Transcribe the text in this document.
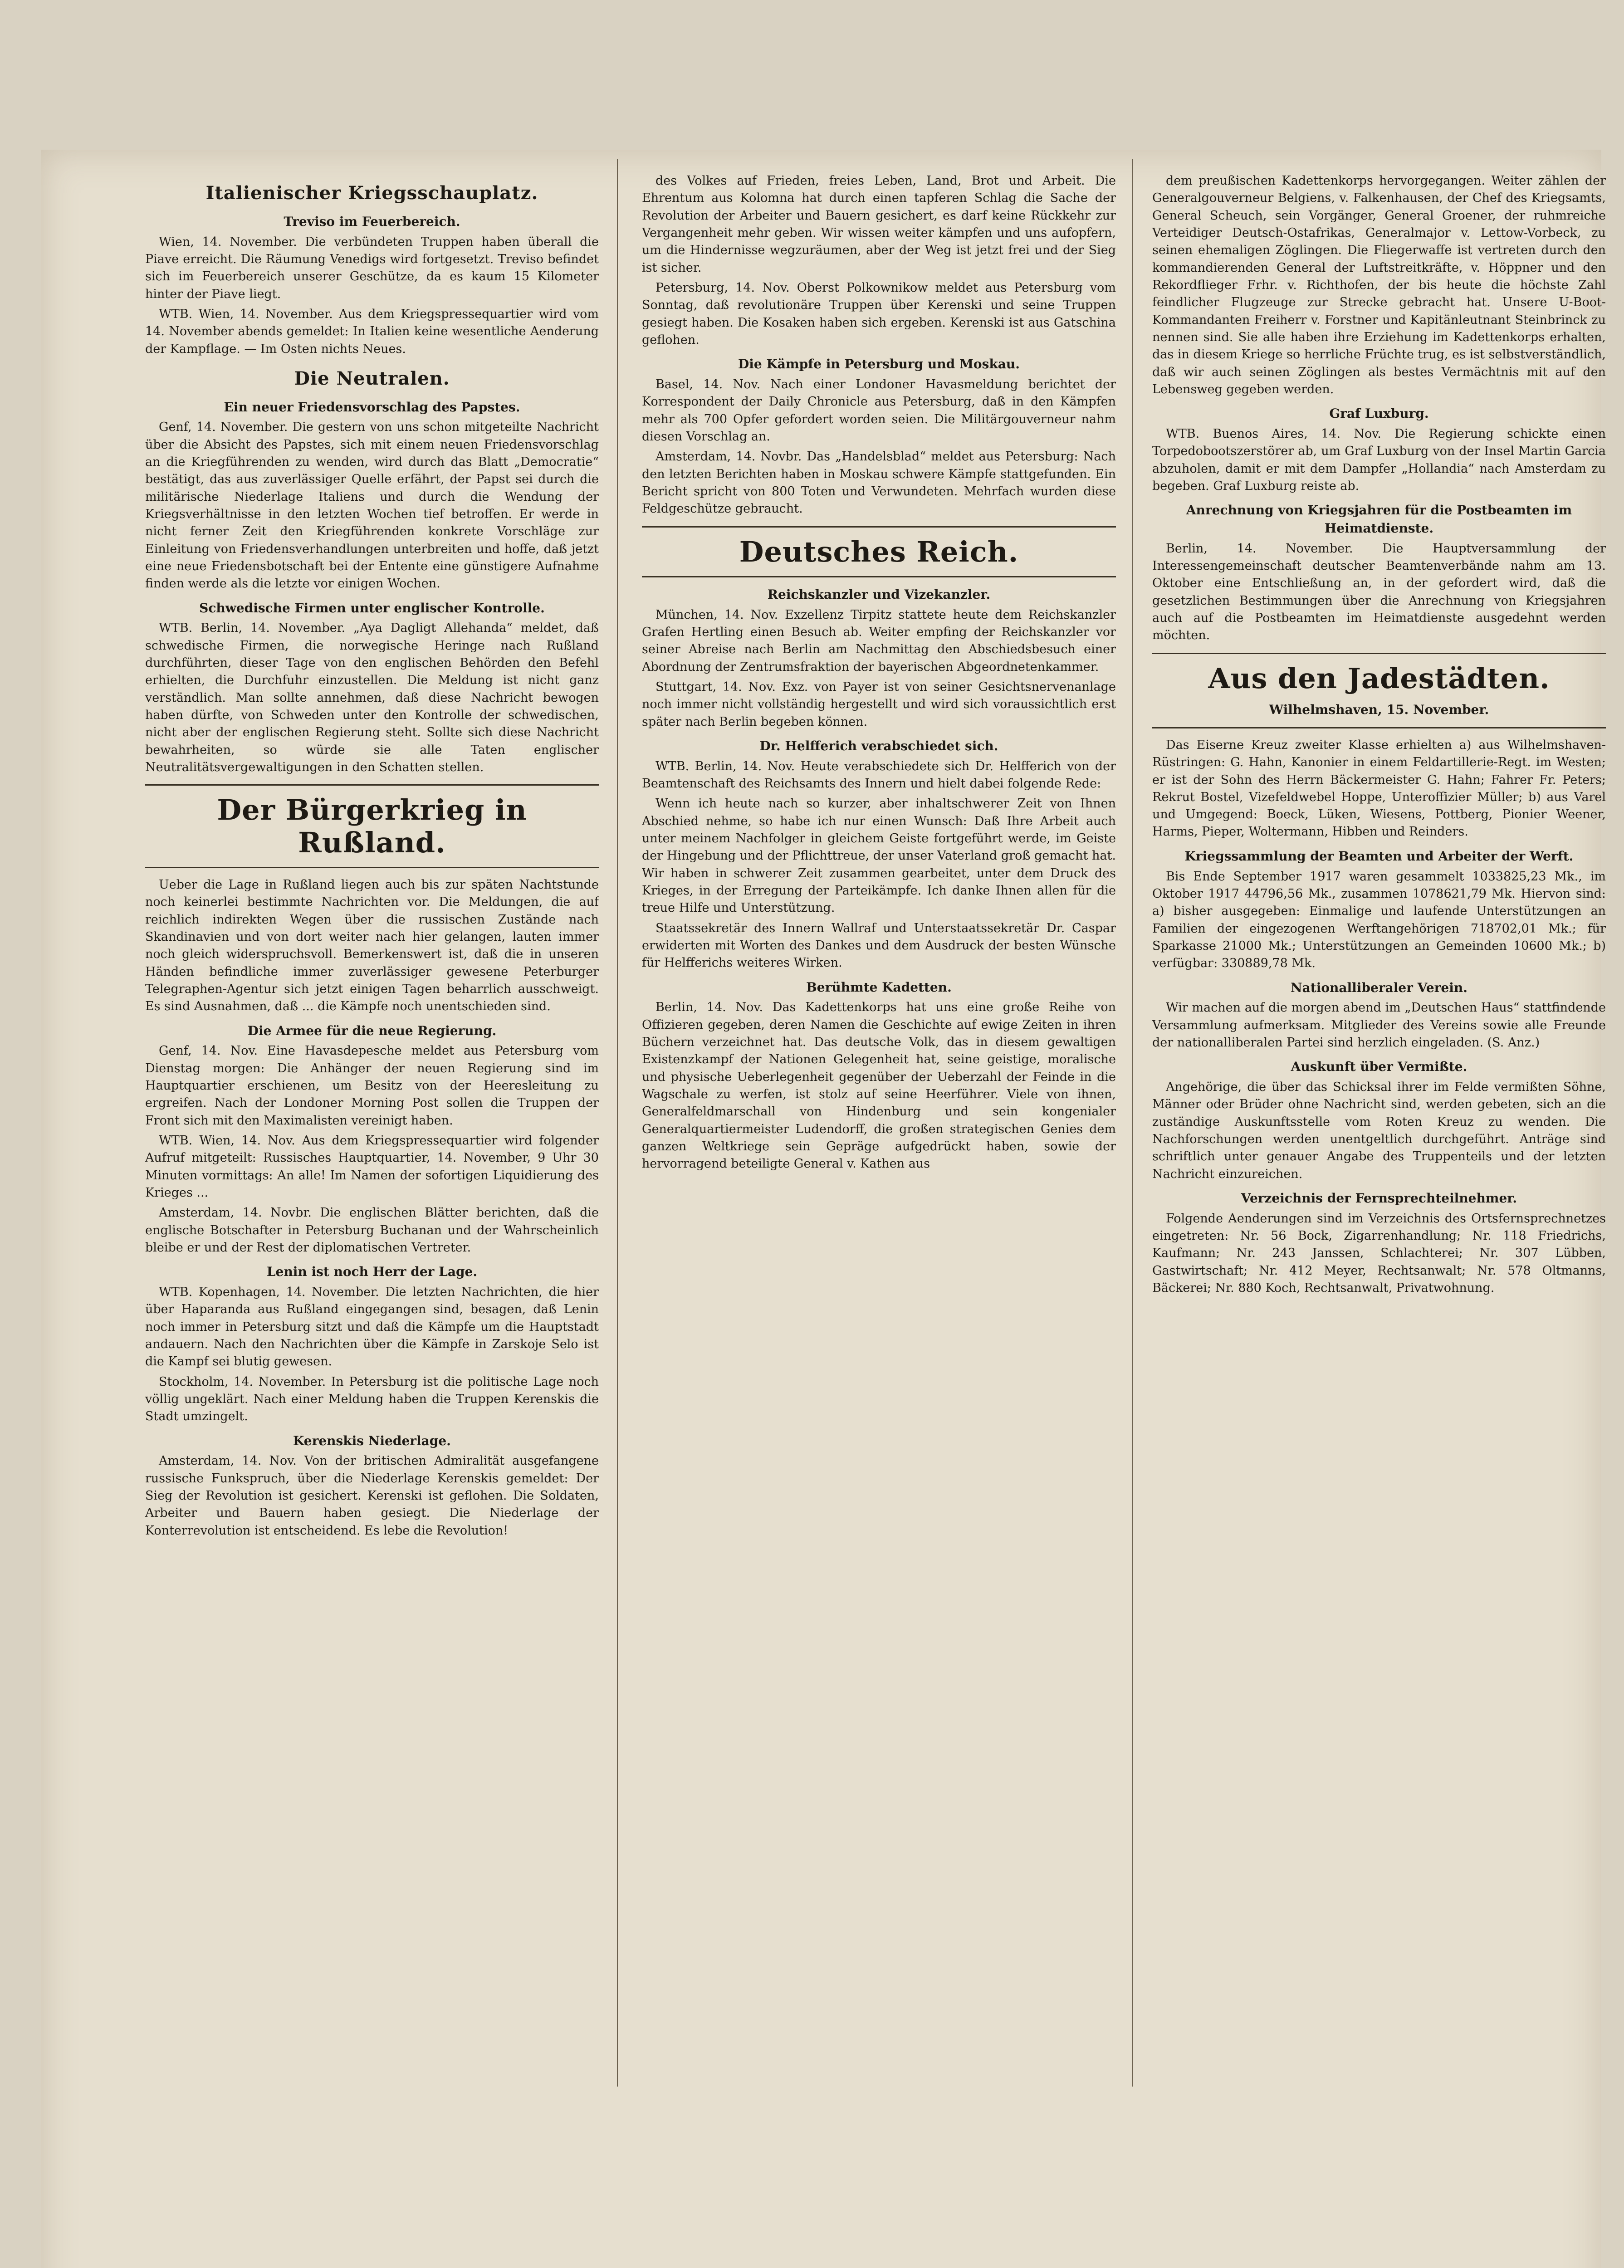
Italienischer Kriegsschauplatz.
Treviso im Feuerbereich.

Wien, 14. November. Die verbündeten Truppen haben überall die Piave erreicht. Die Räumung Venedigs wird fortgesetzt. Treviso befindet sich im Feuerbereich unserer Geschütze, da es kaum 15 Kilometer hinter der Piave liegt.

WTB. Wien, 14. November. Aus dem Kriegspressequartier wird vom 14. November abends gemeldet: In Italien keine wesentliche Aenderung der Kampflage. — Im Osten nichts Neues.

Die Neutralen.
Ein neuer Friedensvorschlag des Papstes.

Genf, 14. November. Die gestern von uns schon mitgeteilte Nachricht über die Absicht des Papstes, sich mit einem neuen Friedensvorschlag an die Kriegführenden zu wenden, wird durch das Blatt „Democratie“ bestätigt, das aus zuverlässiger Quelle erfährt, der Papst sei durch die militärische Niederlage Italiens und durch die Wendung der Kriegsverhältnisse in den letzten Wochen tief betroffen. Er werde in nicht ferner Zeit den Kriegführenden konkrete Vorschläge zur Einleitung von Friedensverhandlungen unterbreiten und hoffe, daß jetzt eine neue Friedensbotschaft bei der Entente eine günstigere Aufnahme finden werde als die letzte vor einigen Wochen.

Schwedische Firmen unter englischer Kontrolle.

WTB. Berlin, 14. November. „Aya Dagligt Allehanda“ meldet, daß schwedische Firmen, die norwegische Heringe nach Rußland durchführten, dieser Tage von den englischen Behörden den Befehl erhielten, die Durchfuhr einzustellen. Die Meldung ist nicht ganz verständlich. Man sollte annehmen, daß diese Nachricht bewogen haben dürfte, von Schweden unter den Kontrolle der schwedischen, nicht aber der englischen Regierung steht. Sollte sich diese Nachricht bewahrheiten, so würde sie alle Taten englischer Neutralitätsvergewaltigungen in den Schatten stellen.

Der Bürgerkrieg in Rußland.

Ueber die Lage in Rußland liegen auch bis zur späten Nachtstunde noch keinerlei bestimmte Nachrichten vor. Die Meldungen, die auf reichlich indirekten Wegen über die russischen Zustände nach Skandinavien und von dort weiter nach hier gelangen, lauten immer noch gleich widerspruchsvoll. Bemerkenswert ist, daß die in unseren Händen befindliche immer zuverlässiger gewesene Peterburger Telegraphen-Agentur sich jetzt einigen Tagen beharrlich ausschweigt. Es sind Ausnahmen, daß ... die Kämpfe noch unentschieden sind.

Die Armee für die neue Regierung.

Genf, 14. Nov. Eine Havasdepesche meldet aus Petersburg vom Dienstag morgen: Die Anhänger der neuen Regierung sind im Hauptquartier erschienen, um Besitz von der Heeresleitung zu ergreifen. Nach der Londoner Morning Post sollen die Truppen der Front sich mit den Maximalisten vereinigt haben.

WTB. Wien, 14. Nov. Aus dem Kriegspressequartier wird folgender Aufruf mitgeteilt: Russisches Hauptquartier, 14. November, 9 Uhr 30 Minuten vormittags: An alle! Im Namen der sofortigen Liquidierung des Krieges ...

Amsterdam, 14. Novbr. Die englischen Blätter berichten, daß die englische Botschafter in Petersburg Buchanan und der Wahrscheinlich bleibe er und der Rest der diplomatischen Vertreter.

Lenin ist noch Herr der Lage.

WTB. Kopenhagen, 14. November. Die letzten Nachrichten, die hier über Haparanda aus Rußland eingegangen sind, besagen, daß Lenin noch immer in Petersburg sitzt und daß die Kämpfe um die Hauptstadt andauern. Nach den Nachrichten über die Kämpfe in Zarskoje Selo ist die Kampf sei blutig gewesen.

Stockholm, 14. November. In Petersburg ist die politische Lage noch völlig ungeklärt. Nach einer Meldung haben die Truppen Kerenskis die Stadt umzingelt.

Kerenskis Niederlage.

Amsterdam, 14. Nov. Von der britischen Admiralität ausgefangene russische Funkspruch, über die Niederlage Kerenskis gemeldet: Der Sieg der Revolution ist gesichert. Kerenski ist geflohen. Die Soldaten, Arbeiter und Bauern haben gesiegt. Die Niederlage der Konterrevolution ist entscheidend. Es lebe die Revolution!

des Volkes auf Frieden, freies Leben, Land, Brot und Arbeit. Die Ehrentum aus Kolomna hat durch einen tapferen Schlag die Sache der Revolution der Arbeiter und Bauern gesichert, es darf keine Rückkehr zur Vergangenheit mehr geben. Wir wissen weiter kämpfen und uns aufopfern, um die Hindernisse wegzuräumen, aber der Weg ist jetzt frei und der Sieg ist sicher.

Petersburg, 14. Nov. Oberst Polkownikow meldet aus Petersburg vom Sonntag, daß revolutionäre Truppen über Kerenski und seine Truppen gesiegt haben. Die Kosaken haben sich ergeben. Kerenski ist aus Gatschina geflohen.

Die Kämpfe in Petersburg und Moskau.

Basel, 14. Nov. Nach einer Londoner Havasmeldung berichtet der Korrespondent der Daily Chronicle aus Petersburg, daß in den Kämpfen mehr als 700 Opfer gefordert worden seien. Die Militärgouverneur nahm diesen Vorschlag an.

Amsterdam, 14. Novbr. Das „Handelsblad“ meldet aus Petersburg: Nach den letzten Berichten haben in Moskau schwere Kämpfe stattgefunden. Ein Bericht spricht von 800 Toten und Verwundeten. Mehrfach wurden diese Feldgeschütze gebraucht.

Deutsches Reich.
Reichskanzler und Vizekanzler.

München, 14. Nov. Exzellenz Tirpitz stattete heute dem Reichskanzler Grafen Hertling einen Besuch ab. Weiter empfing der Reichskanzler vor seiner Abreise nach Berlin am Nachmittag den Abschiedsbesuch einer Abordnung der Zentrumsfraktion der bayerischen Abgeordnetenkammer.

Stuttgart, 14. Nov. Exz. von Payer ist von seiner Gesichtsnervenanlage noch immer nicht vollständig hergestellt und wird sich voraussichtlich erst später nach Berlin begeben können.

Dr. Helfferich verabschiedet sich.

WTB. Berlin, 14. Nov. Heute verabschiedete sich Dr. Helfferich von der Beamtenschaft des Reichsamts des Innern und hielt dabei folgende Rede:

Wenn ich heute nach so kurzer, aber inhaltschwerer Zeit von Ihnen Abschied nehme, so habe ich nur einen Wunsch: Daß Ihre Arbeit auch unter meinem Nachfolger in gleichem Geiste fortgeführt werde, im Geiste der Hingebung und der Pflichttreue, der unser Vaterland groß gemacht hat. Wir haben in schwerer Zeit zusammen gearbeitet, unter dem Druck des Krieges, in der Erregung der Parteikämpfe. Ich danke Ihnen allen für die treue Hilfe und Unterstützung.

Staatssekretär des Innern Wallraf und Unterstaatssekretär Dr. Caspar erwiderten mit Worten des Dankes und dem Ausdruck der besten Wünsche für Helfferichs weiteres Wirken.

Berühmte Kadetten.

Berlin, 14. Nov. Das Kadettenkorps hat uns eine große Reihe von Offizieren gegeben, deren Namen die Geschichte auf ewige Zeiten in ihren Büchern verzeichnet hat. Das deutsche Volk, das in diesem gewaltigen Existenzkampf der Nationen Gelegenheit hat, seine geistige, moralische und physische Ueberlegenheit gegenüber der Ueberzahl der Feinde in die Wagschale zu werfen, ist stolz auf seine Heerführer. Viele von ihnen, Generalfeldmarschall von Hindenburg und sein kongenialer Generalquartiermeister Ludendorff, die großen strategischen Genies dem ganzen Weltkriege sein Gepräge aufgedrückt haben, sowie der hervorragend beteiligte General v. Kathen aus

dem preußischen Kadettenkorps hervorgegangen. Weiter zählen der Generalgouverneur Belgiens, v. Falkenhausen, der Chef des Kriegsamts, General Scheuch, sein Vorgänger, General Groener, der ruhmreiche Verteidiger Deutsch-Ostafrikas, Generalmajor v. Lettow-Vorbeck, zu seinen ehemaligen Zöglingen. Die Fliegerwaffe ist vertreten durch den kommandierenden General der Luftstreitkräfte, v. Höppner und den Rekordflieger Frhr. v. Richthofen, der bis heute die höchste Zahl feindlicher Flugzeuge zur Strecke gebracht hat. Unsere U-Boot-Kommandanten Freiherr v. Forstner und Kapitänleutnant Steinbrinck zu nennen sind. Sie alle haben ihre Erziehung im Kadettenkorps erhalten, das in diesem Kriege so herrliche Früchte trug, es ist selbstverständlich, daß wir auch seinen Zöglingen als bestes Vermächtnis mit auf den Lebensweg gegeben werden.

Graf Luxburg.

WTB. Buenos Aires, 14. Nov. Die Regierung schickte einen Torpedobootszerstörer ab, um Graf Luxburg von der Insel Martin Garcia abzuholen, damit er mit dem Dampfer „Hollandia“ nach Amsterdam zu begeben. Graf Luxburg reiste ab.

Anrechnung von Kriegsjahren für die Postbeamten im Heimatdienste.

Berlin, 14. November. Die Hauptversammlung der Interessengemeinschaft deutscher Beamtenverbände nahm am 13. Oktober eine Entschließung an, in der gefordert wird, daß die gesetzlichen Bestimmungen über die Anrechnung von Kriegsjahren auch auf die Postbeamten im Heimatdienste ausgedehnt werden möchten.

Aus den Jadestädten.
Wilhelmshaven, 15. November.

Das Eiserne Kreuz zweiter Klasse erhielten a) aus Wilhelmshaven-Rüstringen: G. Hahn, Kanonier in einem Feldartillerie-Regt. im Westen; er ist der Sohn des Herrn Bäckermeister G. Hahn; Fahrer Fr. Peters; Rekrut Bostel, Vizefeldwebel Hoppe, Unteroffizier Müller; b) aus Varel und Umgegend: Boeck, Lüken, Wiesens, Pottberg, Pionier Weener, Harms, Pieper, Woltermann, Hibben und Reinders.

Kriegssammlung der Beamten und Arbeiter der Werft.

Bis Ende September 1917 waren gesammelt 1033825,23 Mk., im Oktober 1917 44796,56 Mk., zusammen 1078621,79 Mk. Hiervon sind: a) bisher ausgegeben: Einmalige und laufende Unterstützungen an Familien der eingezogenen Werftangehörigen 718702,01 Mk.; für Sparkasse 21000 Mk.; Unterstützungen an Gemeinden 10600 Mk.; b) verfügbar: 330889,78 Mk.

Nationalliberaler Verein.

Wir machen auf die morgen abend im „Deutschen Haus“ stattfindende Versammlung aufmerksam. Mitglieder des Vereins sowie alle Freunde der nationalliberalen Partei sind herzlich eingeladen. (S. Anz.)

Auskunft über Vermißte.

Angehörige, die über das Schicksal ihrer im Felde vermißten Söhne, Männer oder Brüder ohne Nachricht sind, werden gebeten, sich an die zuständige Auskunftsstelle vom Roten Kreuz zu wenden. Die Nachforschungen werden unentgeltlich durchgeführt. Anträge sind schriftlich unter genauer Angabe des Truppenteils und der letzten Nachricht einzureichen.

Verzeichnis der Fernsprechteilnehmer.

Folgende Aenderungen sind im Verzeichnis des Ortsfernsprechnetzes eingetreten: Nr. 56 Bock, Zigarrenhandlung; Nr. 118 Friedrichs, Kaufmann; Nr. 243 Janssen, Schlachterei; Nr. 307 Lübben, Gastwirtschaft; Nr. 412 Meyer, Rechtsanwalt; Nr. 578 Oltmanns, Bäckerei; Nr. 880 Koch, Rechtsanwalt, Privatwohnung.
